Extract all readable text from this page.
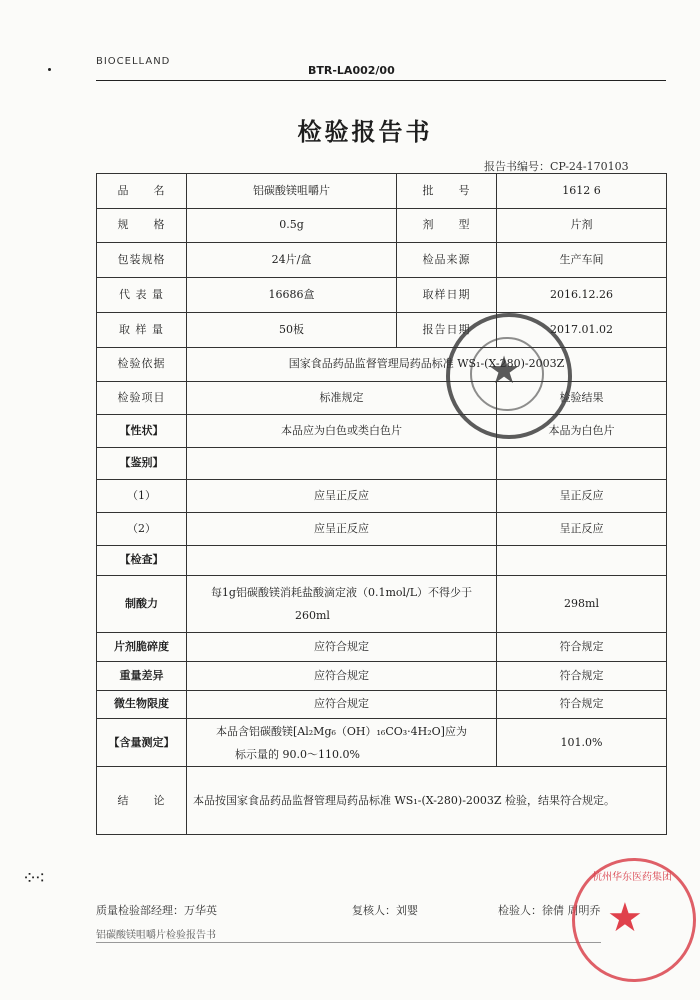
BIOCELLAND
BTR-LA002/00
检验报告书
报告书编号：CP-24-170103
品　　名	铝碳酸镁咀嚼片	批　　号	1612 6
规　　格	0.5g	剂　　型	片剂
包装规格	24片/盒	检品来源	生产车间
代 表 量	16686盒	取样日期	2016.12.26
取 样 量	50板	报告日期	2017.01.02
检验依据	国家食品药品监督管理局药品标准 WS₁-(X-280)-2003Z		
检验项目	标准规定		检验结果
【性状】	本品应为白色或类白色片		本品为白色片
【鉴别】			
（1）	应呈正反应		呈正反应
（2）	应呈正反应		呈正反应
【检查】			
制酸力	每1g铝碳酸镁消耗盐酸滴定液（0.1mol/L）不得少于
260ml		298ml
片剂脆碎度	应符合规定		符合规定
重量差异	应符合规定		符合规定
微生物限度	应符合规定		符合规定
【含量测定】	本品含铝碳酸镁[Al₂Mg₆（OH）₁₆CO₃·4H₂O]应为
标示量的 90.0～110.0%		101.0%
结　　论	本品按国家食品药品监督管理局药品标准 WS₁-(X-280)-2003Z 检验，结果符合规定。		
★
⁘ ⁖
质量检验部经理：万华英	复核人：刘婴	检验人：徐倩 周明乔
铝碳酸镁咀嚼片检验报告书
杭州华东医药集团
★
